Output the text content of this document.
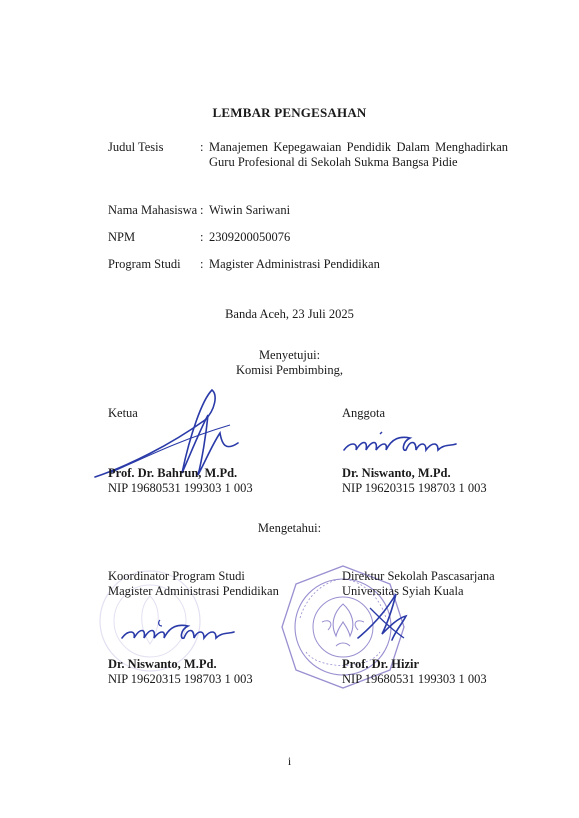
LEMBAR PENGESAHAN
Judul Tesis	: Manajemen Kepegawaian Pendidik Dalam Menghadirkan Guru Profesional di Sekolah Sukma Bangsa Pidie
Nama Mahasiswa : Wiwin Sariwani
NPM	: 2309200050076
Program Studi : Magister Administrasi Pendidikan
Banda Aceh, 23 Juli 2025
Menyetujui:
Komisi Pembimbing,
Ketua
Prof. Dr. Bahrun, M.Pd.
NIP 19680531 199303 1 003
Anggota
Dr. Niswanto, M.Pd.
NIP 19620315 198703 1 003
Mengetahui:
Koordinator Program Studi
Magister Administrasi Pendidikan
Dr. Niswanto, M.Pd.
NIP 19620315 198703 1 003
Direktur Sekolah Pascasarjana
Universitas Syiah Kuala
Prof. Dr. Hizir
NIP 19680531 199303 1 003
i
